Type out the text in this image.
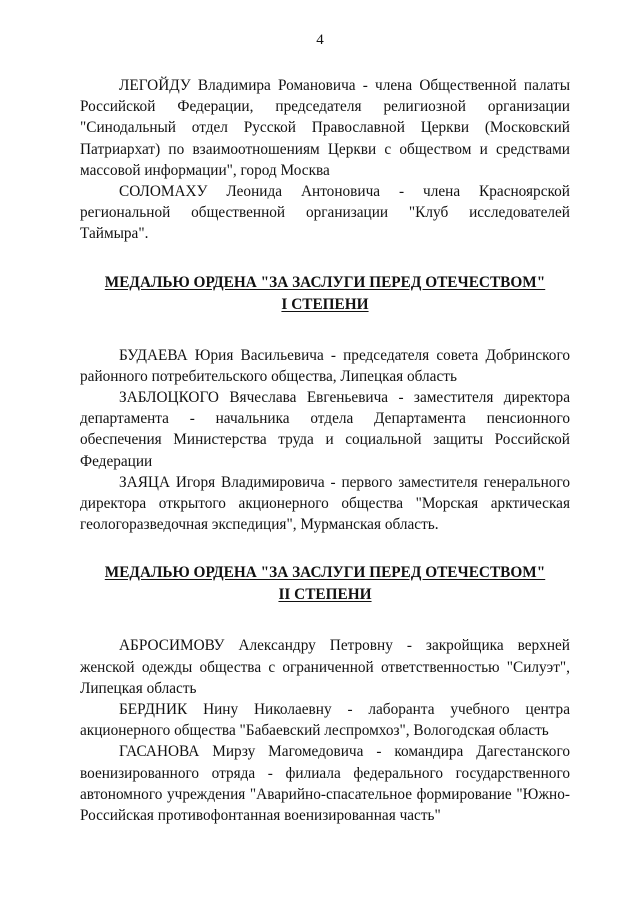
4

ЛЕГОЙДУ Владимира Романовича - члена Общественной палаты Российской Федерации, председателя религиозной организации "Синодальный отдел Русской Православной Церкви (Московский Патриархат) по взаимоотношениям Церкви с обществом и средствами массовой информации", город Москва

СОЛОМАХУ Леонида Антоновича - члена Красноярской региональной общественной организации "Клуб исследователей Таймыра".

МЕДАЛЬЮ ОРДЕНА "ЗА ЗАСЛУГИ ПЕРЕД ОТЕЧЕСТВОМ"
I СТЕПЕНИ

БУДАЕВА Юрия Васильевича - председателя совета Добринского районного потребительского общества, Липецкая область

ЗАБЛОЦКОГО Вячеслава Евгеньевича - заместителя директора департамента - начальника отдела Департамента пенсионного обеспечения Министерства труда и социальной защиты Российской Федерации

ЗАЯЦА Игоря Владимировича - первого заместителя генерального директора открытого акционерного общества "Морская арктическая геологоразведочная экспедиция", Мурманская область.

МЕДАЛЬЮ ОРДЕНА "ЗА ЗАСЛУГИ ПЕРЕД ОТЕЧЕСТВОМ"
II СТЕПЕНИ

АБРОСИМОВУ Александру Петровну - закройщика верхней женской одежды общества с ограниченной ответственностью "Силуэт", Липецкая область

БЕРДНИК Нину Николаевну - лаборанта учебного центра акционерного общества "Бабаевский леспромхоз", Вологодская область

ГАСАНОВА Мирзу Магомедовича - командира Дагестанского военизированного отряда - филиала федерального государственного автономного учреждения "Аварийно-спасательное формирование "Южно-Российская противофонтанная военизированная часть"
